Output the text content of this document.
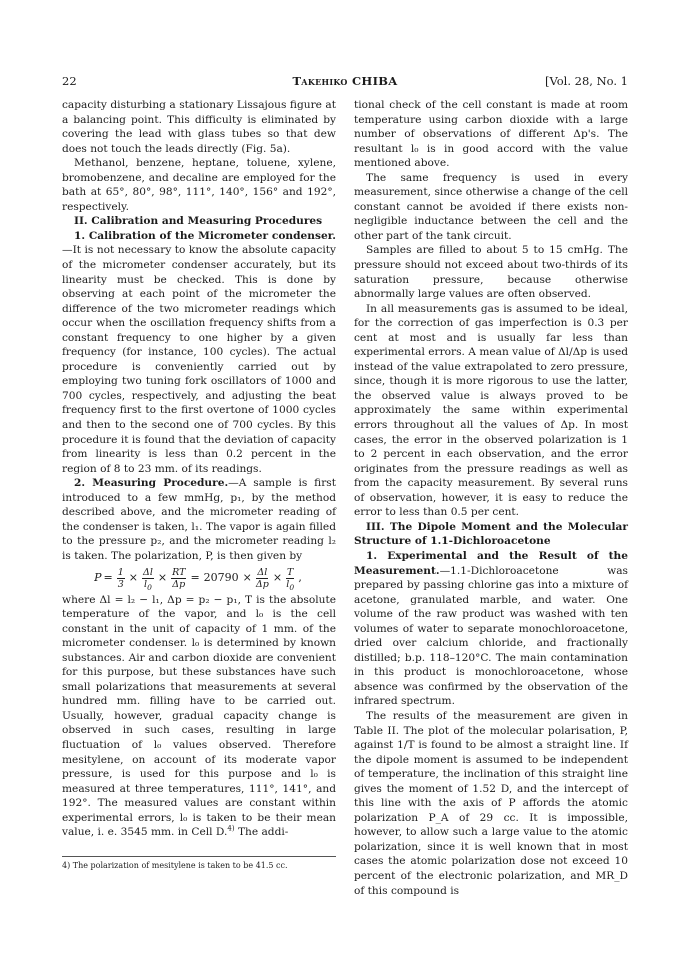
22	Takehiko CHIBA	[Vol. 28, No. 1

capacity disturbing a stationary Lissajous figure at a balancing point. This difficulty is eliminated by covering the lead with glass tubes so that dew does not touch the leads directly (Fig. 5a).

Methanol, benzene, heptane, toluene, xylene, bromobenzene, and decaline are employed for the bath at 65°, 80°, 98°, 111°, 140°, 156° and 192°, respectively.

II. Calibration and Measuring Procedures

1. Calibration of the Micrometer condenser.—It is not necessary to know the absolute capacity of the micrometer condenser accurately, but its linearity must be checked. This is done by observing at each point of the micrometer the difference of the two micrometer readings which occur when the oscillation frequency shifts from a constant frequency to one higher by a given frequency (for instance, 100 cycles). The actual procedure is conveniently carried out by employing two tuning fork oscillators of 1000 and 700 cycles, respectively, and adjusting the beat frequency first to the first overtone of 1000 cycles and then to the second one of 700 cycles. By this procedure it is found that the deviation of capacity from linearity is less than 0.2 percent in the region of 8 to 23 mm. of its readings.

2. Measuring Procedure.—A sample is first introduced to a few mmHg, p₁, by the method described above, and the micrometer reading of the condenser is taken, l₁. The vapor is again filled to the pressure p₂, and the micrometer reading l₂ is taken. The polarization, P, is then given by

$P = \frac{1}{3} \times \frac{\Delta l}{l_0} \times \frac{RT}{\Delta p} = 20790 \times \frac{\Delta l}{\Delta p} \times \frac{T}{l_0}$ ,

where Δl = l₂ − l₁, Δp = p₂ − p₁, T is the absolute temperature of the vapor, and l₀ is the cell constant in the unit of capacity of 1 mm. of the micrometer condenser. l₀ is determined by known substances. Air and carbon dioxide are convenient for this purpose, but these substances have such small polarizations that measurements at several hundred mm. filling have to be carried out. Usually, however, gradual capacity change is observed in such cases, resulting in large fluctuation of l₀ values observed. Therefore mesitylene, on account of its moderate vapor pressure, is used for this purpose and l₀ is measured at three temperatures, 111°, 141°, and 192°. The measured values are constant within experimental errors, l₀ is taken to be their mean value, i. e. 3545 mm. in Cell D.$^{4)}$ The addi-

4) The polarization of mesitylene is taken to be 41.5 cc.

tional check of the cell constant is made at room temperature using carbon dioxide with a large number of observations of different Δp's. The resultant l₀ is in good accord with the value mentioned above.

The same frequency is used in every measurement, since otherwise a change of the cell constant cannot be avoided if there exists non-negligible inductance between the cell and the other part of the tank circuit.

Samples are filled to about 5 to 15 cmHg. The pressure should not exceed about two-thirds of its saturation pressure, because otherwise abnormally large values are often observed.

In all measurements gas is assumed to be ideal, for the correction of gas imperfection is 0.3 per cent at most and is usually far less than experimental errors. A mean value of Δl/Δp is used instead of the value extrapolated to zero pressure, since, though it is more rigorous to use the latter, the observed value is always proved to be approximately the same within experimental errors throughout all the values of Δp. In most cases, the error in the observed polarization is 1 to 2 percent in each observation, and the error originates from the pressure readings as well as from the capacity measurement. By several runs of observation, however, it is easy to reduce the error to less than 0.5 per cent.

III. The Dipole Moment and the Molecular Structure of 1.1-Dichloroacetone

1. Experimental and the Result of the Measurement.—1.1-Dichloroacetone was prepared by passing chlorine gas into a mixture of acetone, granulated marble, and water. One volume of the raw product was washed with ten volumes of water to separate monochloroacetone, dried over calcium chloride, and fractionally distilled; b.p. 118–120°C. The main contamination in this product is monochloroacetone, whose absence was confirmed by the observation of the infrared spectrum.

The results of the measurement are given in Table II. The plot of the molecular polarisation, P, against 1/T is found to be almost a straight line. If the dipole moment is assumed to be independent of temperature, the inclination of this straight line gives the moment of 1.52 D, and the intercept of this line with the axis of P affords the atomic polarization P_A of 29 cc. It is impossible, however, to allow such a large value to the atomic polarization, since it is well known that in most cases the atomic polarization dose not exceed 10 percent of the electronic polarization, and MR_D of this compound is
